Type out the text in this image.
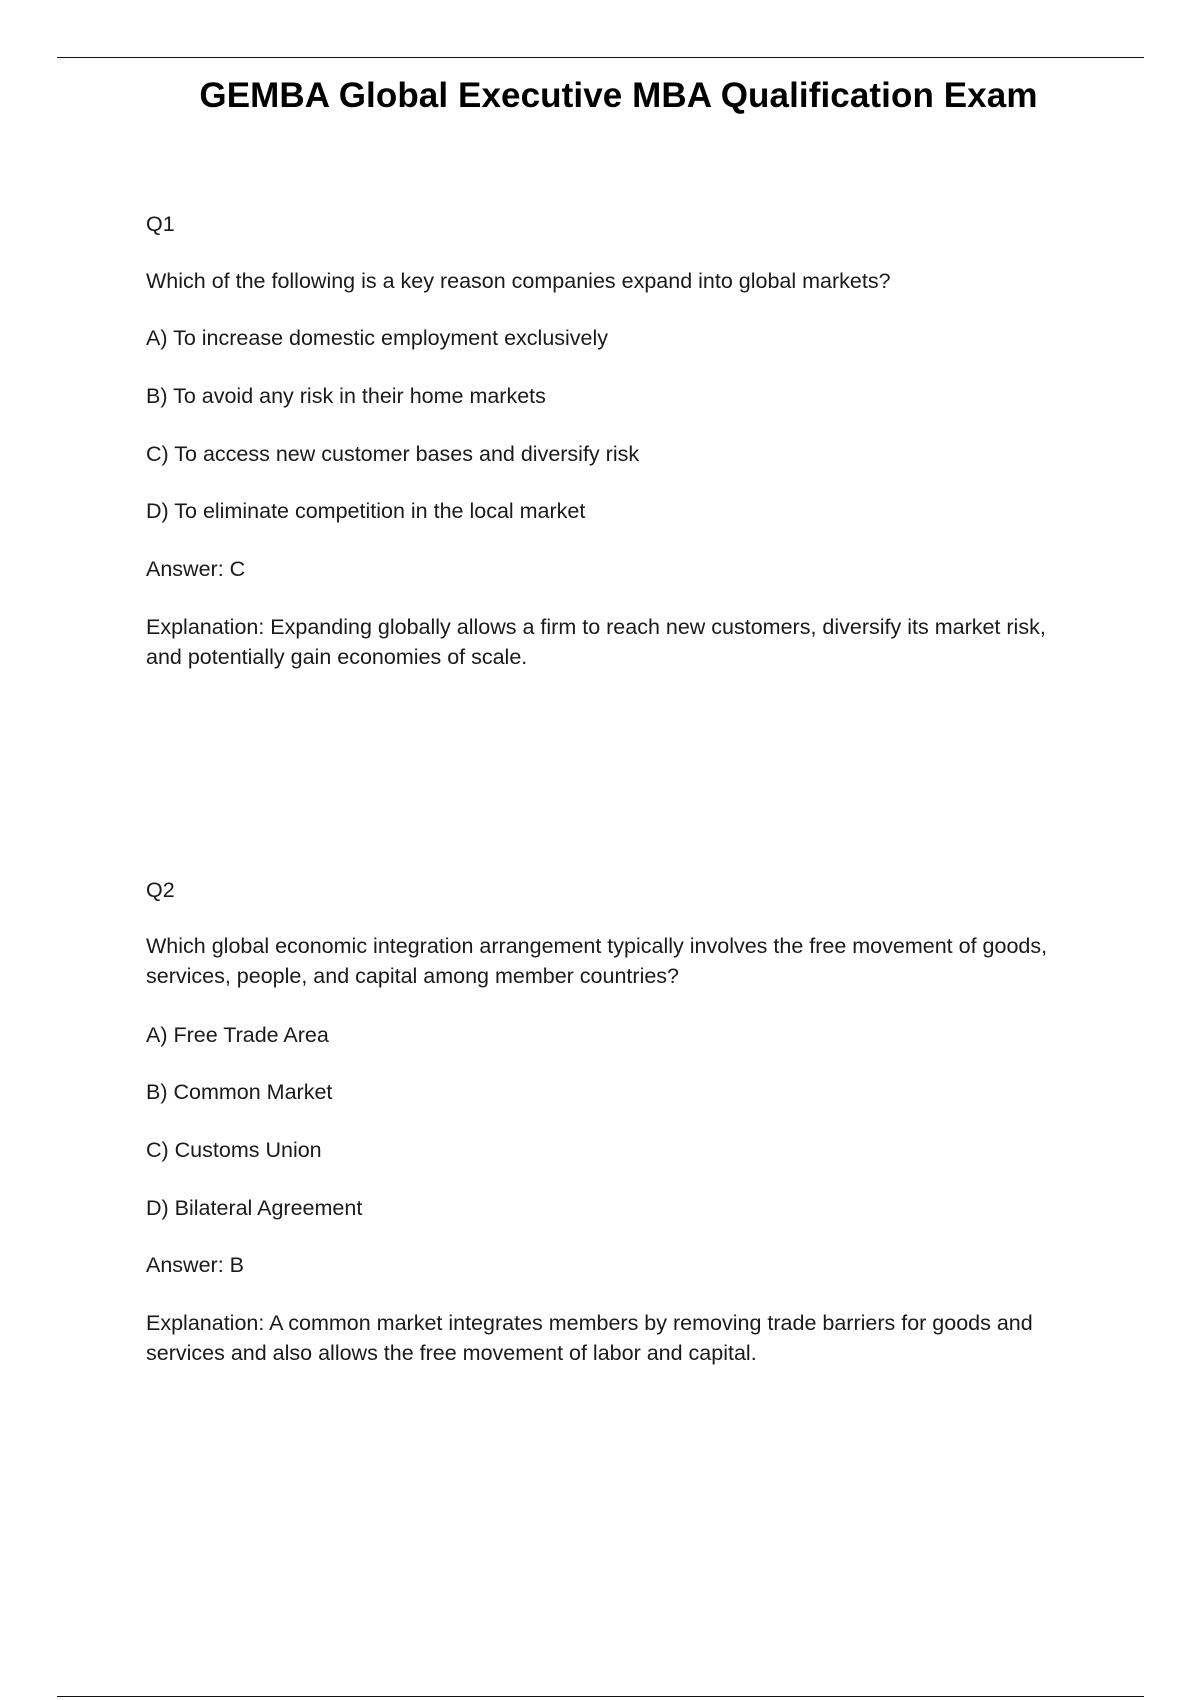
GEMBA Global Executive MBA Qualification Exam
Q1
Which of the following is a key reason companies expand into global markets?
A) To increase domestic employment exclusively
B) To avoid any risk in their home markets
C) To access new customer bases and diversify risk
D) To eliminate competition in the local market
Answer: C

Explanation: Expanding globally allows a firm to reach new customers, diversify its market risk,

and potentially gain economies of scale.

Q2

Which global economic integration arrangement typically involves the free movement of goods,

services, people, and capital among member countries?

A) Free Trade Area
B) Common Market
C) Customs Union
D) Bilateral Agreement
Answer: B

Explanation: A common market integrates members by removing trade barriers for goods and

services and also allows the free movement of labor and capital.
